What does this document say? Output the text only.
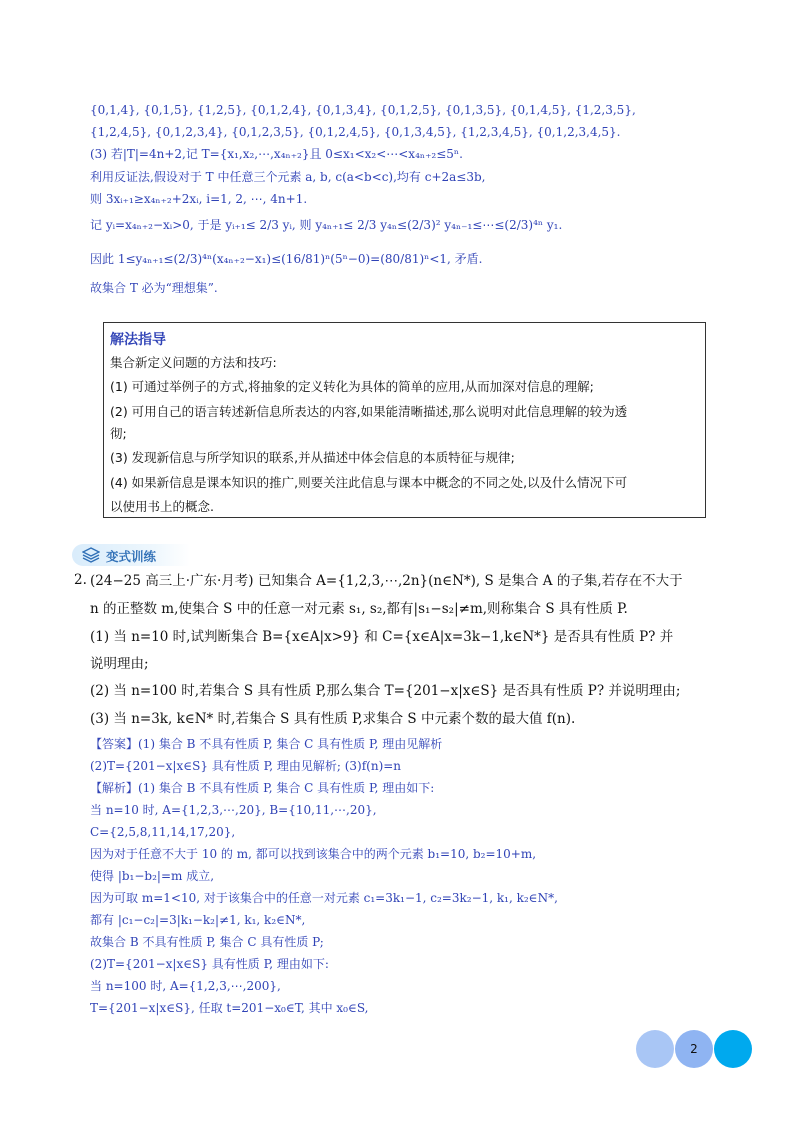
{0,1,4}, {0,1,5}, {1,2,5}, {0,1,2,4}, {0,1,3,4}, {0,1,2,5}, {0,1,3,5}, {0,1,4,5}, {1,2,3,5},
{1,2,4,5}, {0,1,2,3,4}, {0,1,2,3,5}, {0,1,2,4,5}, {0,1,3,4,5}, {1,2,3,4,5}, {0,1,2,3,4,5}.
(3) 若|T|=4n+2,记 T={x₁,x₂,⋯,x₄ₙ₊₂}且 0≤x₁<x₂<⋯<x₄ₙ₊₂≤5ⁿ.
利用反证法,假设对于 T 中任意三个元素 a, b, c(a<b<c),均有 c+2a≤3b,
则 3xᵢ₊₁≥x₄ₙ₊₂+2xᵢ, i=1, 2, ⋯, 4n+1.
记 yᵢ=x₄ₙ₊₂−xᵢ>0, 于是 yᵢ₊₁≤ 2/3 yᵢ, 则 y₄ₙ₊₁≤ 2/3 y₄ₙ≤(2/3)² y₄ₙ₋₁≤⋯≤(2/3)⁴ⁿ y₁.
因此 1≤y₄ₙ₊₁≤(2/3)⁴ⁿ(x₄ₙ₊₂−x₁)≤(16/81)ⁿ(5ⁿ−0)=(80/81)ⁿ<1, 矛盾.
故集合 T 必为“理想集”.
解法指导
集合新定义问题的方法和技巧:
(1) 可通过举例子的方式,将抽象的定义转化为具体的简单的应用,从而加深对信息的理解;
(2) 可用自己的语言转述新信息所表达的内容,如果能清晰描述,那么说明对此信息理解的较为透
彻;
(3) 发现新信息与所学知识的联系,并从描述中体会信息的本质特征与规律;
(4) 如果新信息是课本知识的推广,则要关注此信息与课本中概念的不同之处,以及什么情况下可
以使用书上的概念.
变式训练
2. (24−25 高三上·广东·月考) 已知集合 A={1,2,3,⋯,2n}(n∈N*), S 是集合 A 的子集,若存在不大于
n 的正整数 m,使集合 S 中的任意一对元素 s₁, s₂,都有|s₁−s₂|≠m,则称集合 S 具有性质 P.
(1) 当 n=10 时,试判断集合 B={x∈A|x>9} 和 C={x∈A|x=3k−1,k∈N*} 是否具有性质 P? 并
说明理由;
(2) 当 n=100 时,若集合 S 具有性质 P,那么集合 T={201−x|x∈S} 是否具有性质 P? 并说明理由;
(3) 当 n=3k, k∈N* 时,若集合 S 具有性质 P,求集合 S 中元素个数的最大值 f(n).
【答案】(1) 集合 B 不具有性质 P, 集合 C 具有性质 P, 理由见解析
(2)T={201−x|x∈S} 具有性质 P, 理由见解析; (3)f(n)=n
【解析】(1) 集合 B 不具有性质 P, 集合 C 具有性质 P, 理由如下:
当 n=10 时, A={1,2,3,⋯,20}, B={10,11,⋯,20},
C={2,5,8,11,14,17,20},
因为对于任意不大于 10 的 m, 都可以找到该集合中的两个元素 b₁=10, b₂=10+m,
使得 |b₁−b₂|=m 成立,
因为可取 m=1<10, 对于该集合中的任意一对元素 c₁=3k₁−1, c₂=3k₂−1, k₁, k₂∈N*,
都有 |c₁−c₂|=3|k₁−k₂|≠1, k₁, k₂∈N*,
故集合 B 不具有性质 P, 集合 C 具有性质 P;
(2)T={201−x|x∈S} 具有性质 P, 理由如下:
当 n=100 时, A={1,2,3,⋯,200},
T={201−x|x∈S}, 任取 t=201−x₀∈T, 其中 x₀∈S,
2
